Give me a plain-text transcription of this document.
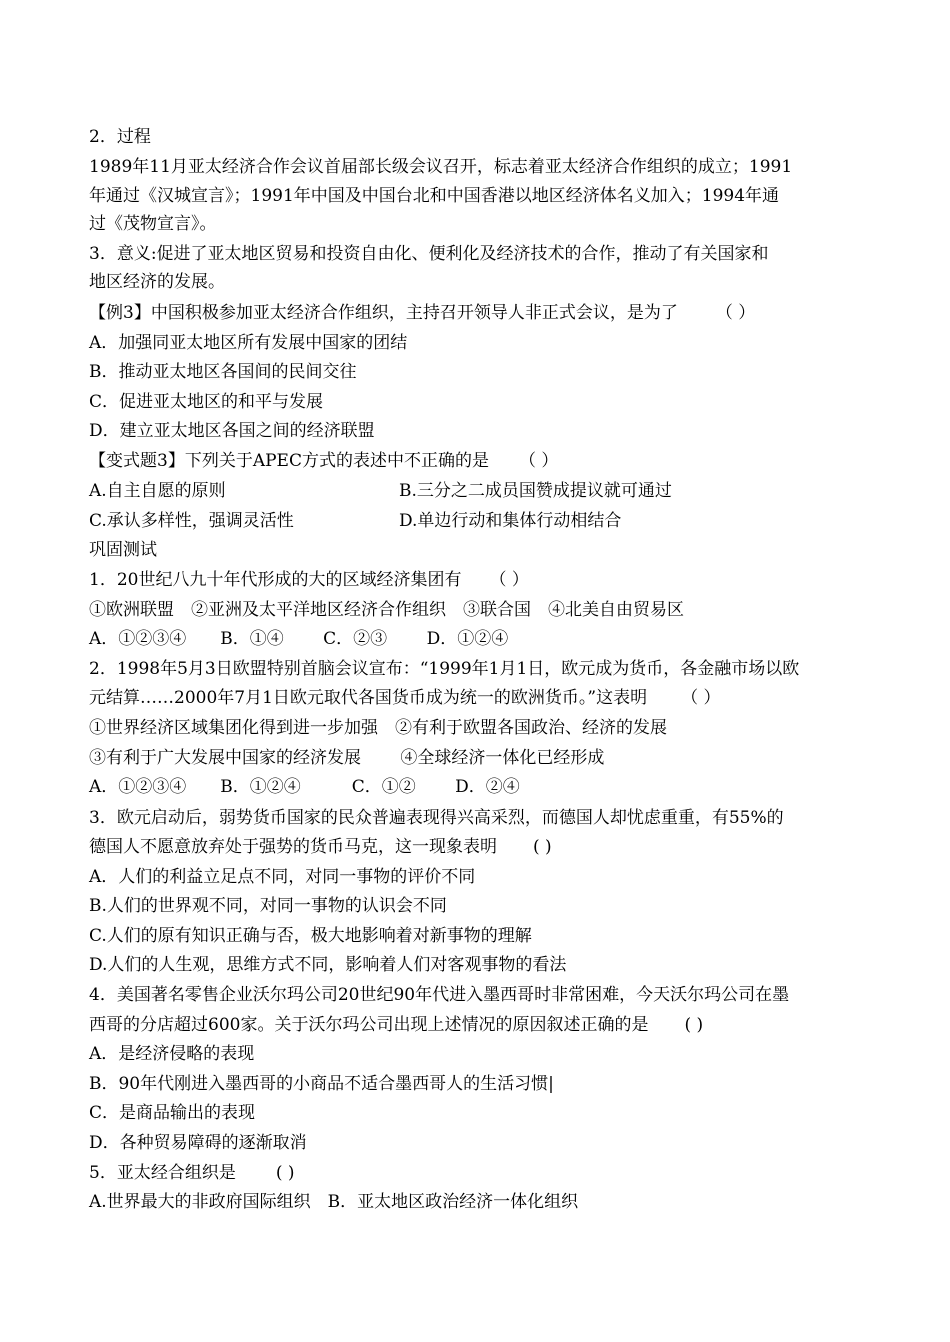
2．过程
1989年11月亚太经济合作会议首届部长级会议召开，标志着亚太经济合作组织的成立；1991
年通过《汉城宣言》；1991年中国及中国台北和中国香港以地区经济体名义加入；1994年通
过《茂物宣言》。
3．意义:促进了亚太地区贸易和投资自由化、便利化及经济技术的合作，推动了有关国家和
地区经济的发展。
【例3】中国积极参加亚太经济合作组织，主持召开领导人非正式会议，是为了 （ ）
A．加强同亚太地区所有发展中国家的团结
B．推动亚太地区各国间的民间交往
C．促进亚太地区的和平与发展
D．建立亚太地区各国之间的经济联盟
【变式题3】下列关于APEC方式的表述中不正确的是 （ ）
A.自主自愿的原则	B.三分之二成员国赞成提议就可通过
C.承认多样性，强调灵活性	D.单边行动和集体行动相结合
巩固测试
1．20世纪八九十年代形成的大的区域经济集团有 （ ）
①欧洲联盟　②亚洲及太平洋地区经济合作组织　③联合国　④北美自由贸易区
A．①②③④　　B．①④　　 C．②③　　 D．①②④
2．1998年5月3日欧盟特别首脑会议宣布：“1999年1月1日，欧元成为货币，各金融市场以欧
元结算……2000年7月1日欧元取代各国货币成为统一的欧洲货币。”这表明 （ ）
①世界经济区域集团化得到进一步加强　②有利于欧盟各国政治、经济的发展
③有利于广大发展中国家的经济发展　　 ④全球经济一体化已经形成
A．①②③④　　B．①②④　　　C．①②　　 D．②④
3．欧元启动后，弱势货币国家的民众普遍表现得兴高采烈，而德国人却忧虑重重，有55%的
德国人不愿意放弃处于强势的货币马克，这一现象表明 ( )
A．人们的利益立足点不同，对同一事物的评价不同
B.人们的世界观不同，对同一事物的认识会不同
C.人们的原有知识正确与否，极大地影响着对新事物的理解
D.人们的人生观，思维方式不同，影响着人们对客观事物的看法
4．美国著名零售企业沃尔玛公司20世纪90年代进入墨西哥时非常困难，今天沃尔玛公司在墨
西哥的分店超过600家。关于沃尔玛公司出现上述情况的原因叙述正确的是 ( )
A．是经济侵略的表现
B．90年代刚进入墨西哥的小商品不适合墨西哥人的生活习惯|
C．是商品输出的表现
D．各种贸易障碍的逐渐取消
5．亚太经合组织是 ( )
A.世界最大的非政府国际组织　B．亚太地区政治经济一体化组织
